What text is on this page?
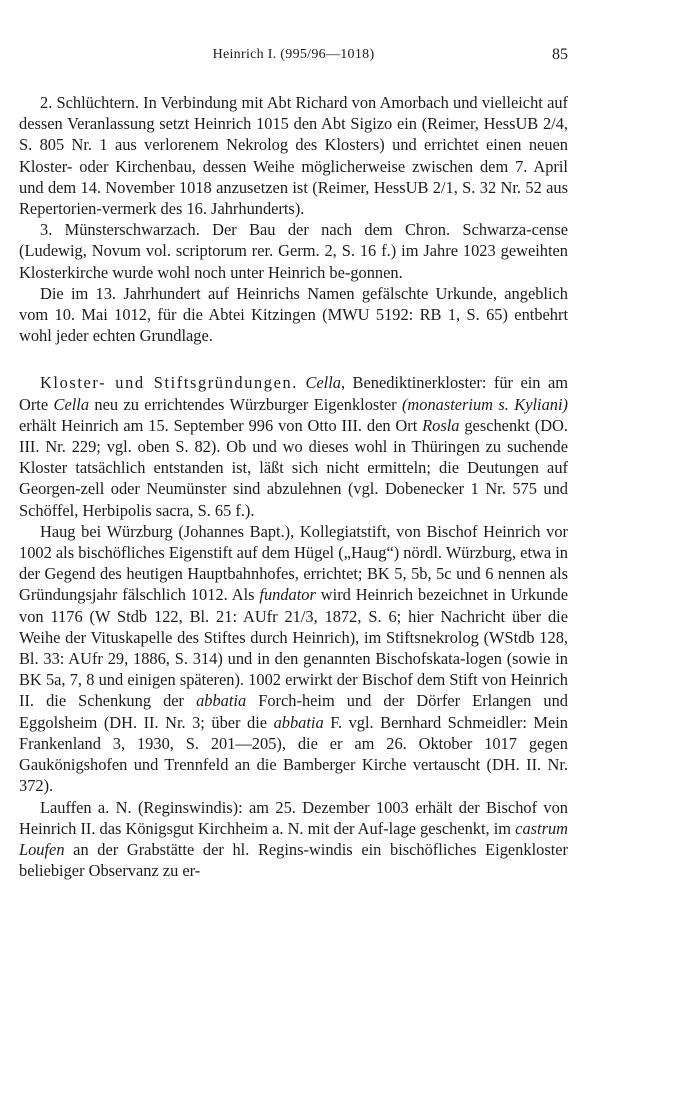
Heinrich I. (995/96—1018)	85

2. Schlüchtern. In Verbindung mit Abt Richard von Amorbach und vielleicht auf dessen Veranlassung setzt Heinrich 1015 den Abt Sigizo ein (Reimer, HessUB 2/4, S. 805 Nr. 1 aus verlorenem Nekrolog des Klosters) und errichtet einen neuen Kloster- oder Kirchenbau, dessen Weihe möglicherweise zwischen dem 7. April und dem 14. November 1018 anzusetzen ist (Reimer, HessUB 2/1, S. 32 Nr. 52 aus Repertorien-vermerk des 16. Jahrhunderts).

3. Münsterschwarzach. Der Bau der nach dem Chron. Schwarza-cense (Ludewig, Novum vol. scriptorum rer. Germ. 2, S. 16 f.) im Jahre 1023 geweihten Klosterkirche wurde wohl noch unter Heinrich be-gonnen.

Die im 13. Jahrhundert auf Heinrichs Namen gefälschte Urkunde, angeblich vom 10. Mai 1012, für die Abtei Kitzingen (MWU 5192: RB 1, S. 65) entbehrt wohl jeder echten Grundlage.

Kloster- und Stiftsgründungen. Cella, Benediktinerkloster: für ein am Orte Cella neu zu errichtendes Würzburger Eigenkloster (monasterium s. Kyliani) erhält Heinrich am 15. September 996 von Otto III. den Ort Rosla geschenkt (DO. III. Nr. 229; vgl. oben S. 82). Ob und wo dieses wohl in Thüringen zu suchende Kloster tatsächlich entstanden ist, läßt sich nicht ermitteln; die Deutungen auf Georgen-zell oder Neumünster sind abzulehnen (vgl. Dobenecker 1 Nr. 575 und Schöffel, Herbipolis sacra, S. 65 f.).

Haug bei Würzburg (Johannes Bapt.), Kollegiatstift, von Bischof Heinrich vor 1002 als bischöfliches Eigenstift auf dem Hügel („Haug“) nördl. Würzburg, etwa in der Gegend des heutigen Hauptbahnhofes, errichtet; BK 5, 5b, 5c und 6 nennen als Gründungsjahr fälschlich 1012. Als fundator wird Heinrich bezeichnet in Urkunde von 1176 (W Stdb 122, Bl. 21: AUfr 21/3, 1872, S. 6; hier Nachricht über die Weihe der Vituskapelle des Stiftes durch Heinrich), im Stiftsnekrolog (WStdb 128, Bl. 33: AUfr 29, 1886, S. 314) und in den genannten Bischofskata-logen (sowie in BK 5a, 7, 8 und einigen späteren). 1002 erwirkt der Bischof dem Stift von Heinrich II. die Schenkung der abbatia Forch-heim und der Dörfer Erlangen und Eggolsheim (DH. II. Nr. 3; über die abbatia F. vgl. Bernhard Schmeidler: Mein Frankenland 3, 1930, S. 201—205), die er am 26. Oktober 1017 gegen Gaukönigshofen und Trennfeld an die Bamberger Kirche vertauscht (DH. II. Nr. 372).

Lauffen a. N. (Reginswindis): am 25. Dezember 1003 erhält der Bischof von Heinrich II. das Königsgut Kirchheim a. N. mit der Auf-lage geschenkt, im castrum Loufen an der Grabstätte der hl. Regins-windis ein bischöfliches Eigenkloster beliebiger Observanz zu er-
